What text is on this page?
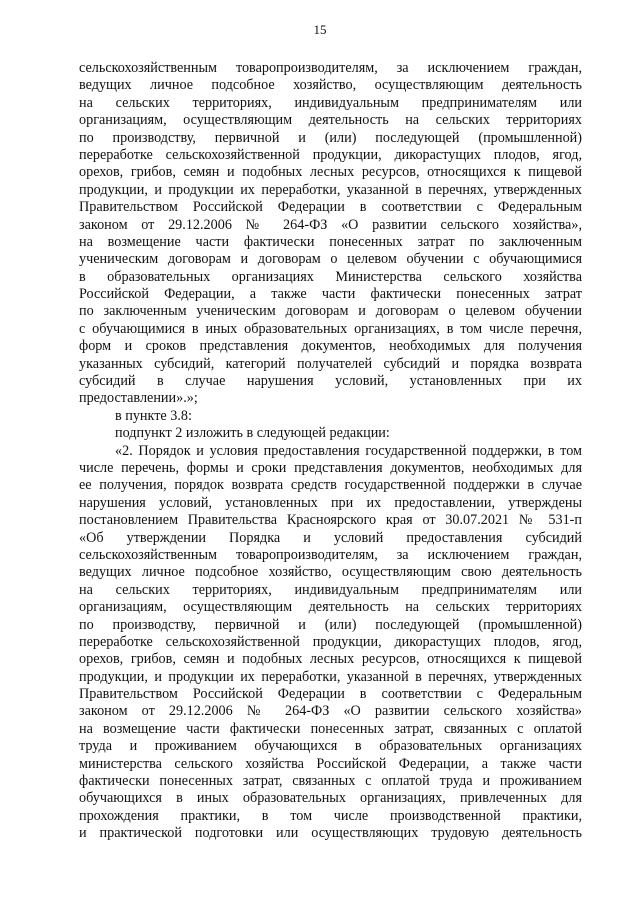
15
сельскохозяйственным товаропроизводителям, за исключением граждан,
ведущих личное подсобное хозяйство, осуществляющим деятельность
на сельских территориях, индивидуальным предпринимателям или
организациям, осуществляющим деятельность на сельских территориях
по производству, первичной и (или) последующей (промышленной)
переработке сельскохозяйственной продукции, дикорастущих плодов, ягод,
орехов, грибов, семян и подобных лесных ресурсов, относящихся к пищевой
продукции, и продукции их переработки, указанной в перечнях, утвержденных
Правительством Российской Федерации в соответствии с Федеральным
законом от 29.12.2006 № 264-ФЗ «О развитии сельского хозяйства»,
на возмещение части фактически понесенных затрат по заключенным
ученическим договорам и договорам о целевом обучении с обучающимися
в образовательных организациях Министерства сельского хозяйства
Российской Федерации, а также части фактически понесенных затрат
по заключенным ученическим договорам и договорам о целевом обучении
с обучающимися в иных образовательных организациях, в том числе перечня,
форм и сроков представления документов, необходимых для получения
указанных субсидий, категорий получателей субсидий и порядка возврата
субсидий в случае нарушения условий, установленных при их
предоставлении».»;
в пункте 3.8:
подпункт 2 изложить в следующей редакции:
«2. Порядок и условия предоставления государственной поддержки, в том
числе перечень, формы и сроки представления документов, необходимых для
ее получения, порядок возврата средств государственной поддержки в случае
нарушения условий, установленных при их предоставлении, утверждены
постановлением Правительства Красноярского края от 30.07.2021 № 531-п
«Об утверждении Порядка и условий предоставления субсидий
сельскохозяйственным товаропроизводителям, за исключением граждан,
ведущих личное подсобное хозяйство, осуществляющим свою деятельность
на сельских территориях, индивидуальным предпринимателям или
организациям, осуществляющим деятельность на сельских территориях
по производству, первичной и (или) последующей (промышленной)
переработке сельскохозяйственной продукции, дикорастущих плодов, ягод,
орехов, грибов, семян и подобных лесных ресурсов, относящихся к пищевой
продукции, и продукции их переработки, указанной в перечнях, утвержденных
Правительством Российской Федерации в соответствии с Федеральным
законом от 29.12.2006 № 264-ФЗ «О развитии сельского хозяйства»
на возмещение части фактически понесенных затрат, связанных с оплатой
труда и проживанием обучающихся в образовательных организациях
министерства сельского хозяйства Российской Федерации, а также части
фактически понесенных затрат, связанных с оплатой труда и проживанием
обучающихся в иных образовательных организациях, привлеченных для
прохождения практики, в том числе производственной практики,
и практической подготовки или осуществляющих трудовую деятельность
